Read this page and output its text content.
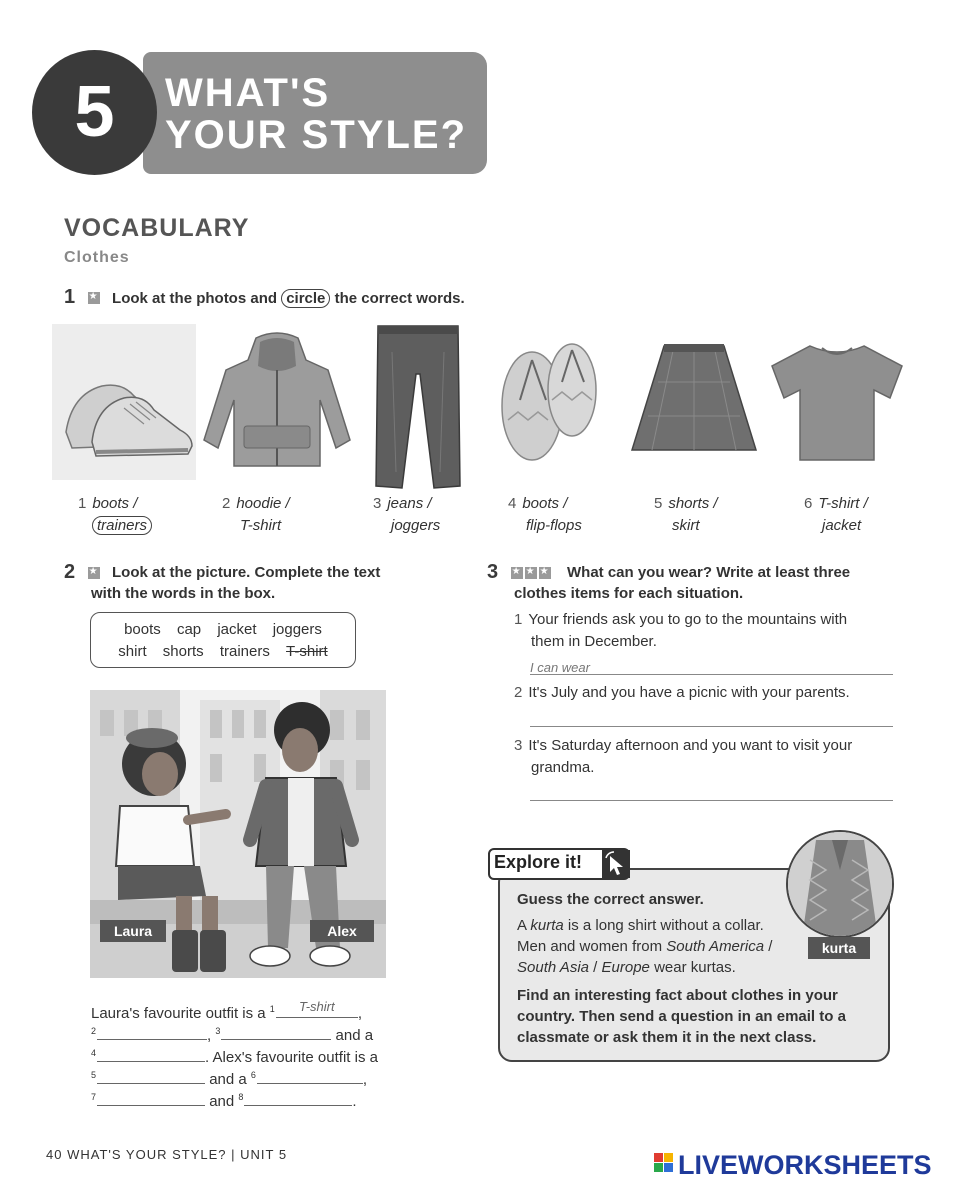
5	WHAT'S
YOUR STYLE?
VOCABULARY
Clothes
1 ★ Look at the photos and circle the correct words.
1 boots /
trainers
2 hoodie /
T-shirt
3 jeans /
joggers
4 boots /
flip-flops
5 shorts /
skirt
6 T-shirt /
jacket
2 ★	Look at the picture. Complete the text
with the words in the box.
boots cap jacket joggers
shirt shorts trainers T-shirt
Laura	Alex
Laura's favourite outfit is a $^1$	T-shirt	,
$^2$	, $^3$	and a
$^4$	. Alex's favourite outfit is a
$^5$	and a $^6$	,
$^7$	and $^8$	.
3 ★★★	What can you wear? Write at least three
clothes items for each situation.
1 Your friends ask you to go to the mountains with
them in December.
I can wear
2 It's July and you have a picnic with your parents.
3 It's Saturday afternoon and you want to visit your
grandma.
Explore it!
Guess the correct answer.
A kurta is a long shirt without a collar.
Men and women from South America /
South Asia / Europe wear kurtas.
Find an interesting fact about clothes in your
country. Then send a question in an email to a
classmate or ask them it in the next class.
kurta
40 WHAT'S YOUR STYLE? | UNIT 5	LIVEWORKSHEETS
